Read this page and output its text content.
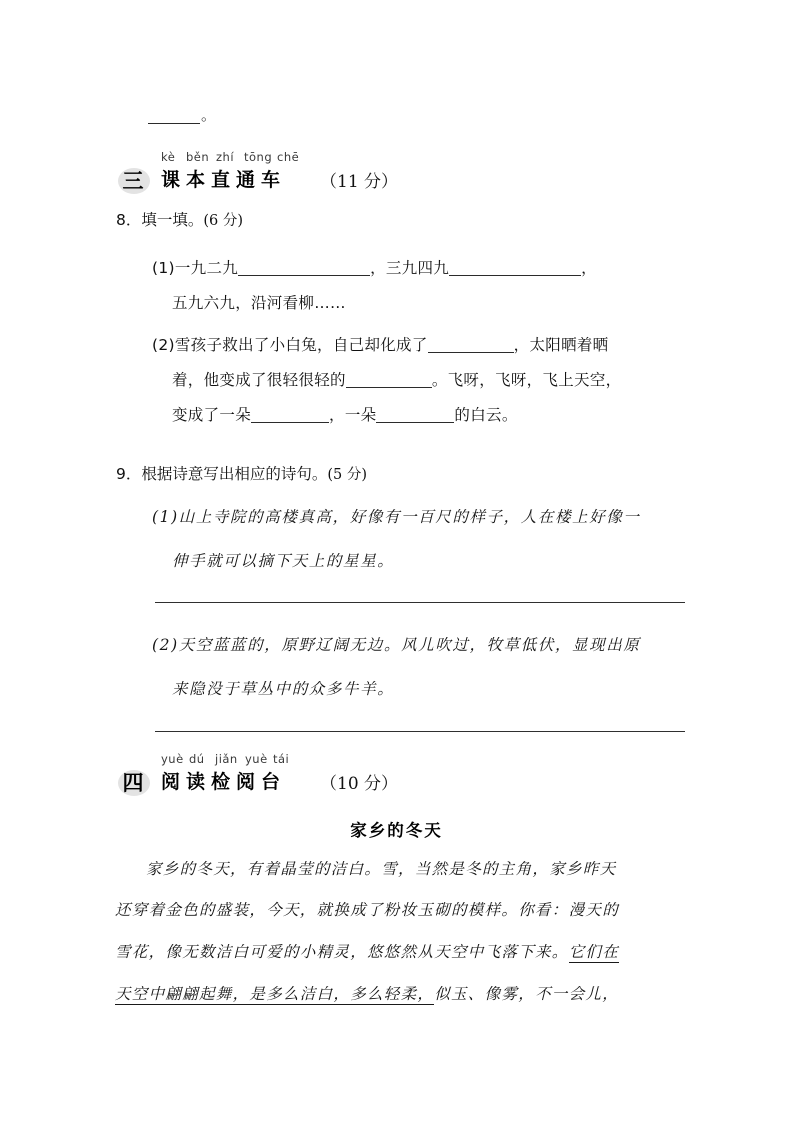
。
三
kè běn zhí tōng chē
课本直通车 （11 分）
8．填一填。(6 分)
(1)一九二九	，三九四九	，
五九六九，沿河看柳……
(2)雪孩子救出了小白兔，自己却化成了	，太阳晒着晒
着，他变成了很轻很轻的	。飞呀，飞呀，飞上天空，
变成了一朵	，一朵	的白云。
9．根据诗意写出相应的诗句。(5 分)
(1)山上寺院的高楼真高，好像有一百尺的样子，人在楼上好像一
伸手就可以摘下天上的星星。
(2)天空蓝蓝的，原野辽阔无边。风儿吹过，牧草低伏，显现出原
来隐没于草丛中的众多牛羊。
四
yuè dú jiǎn yuè tái
阅读检阅台 （10 分）
家乡的冬天
家乡的冬天，有着晶莹的洁白。雪，当然是冬的主角，家乡昨天
还穿着金色的盛装，今天，就换成了粉妆玉砌的模样。你看：漫天的
雪花，像无数洁白可爱的小精灵，悠悠然从天空中飞落下来。它们在
天空中翩翩起舞，是多么洁白，多么轻柔，似玉、像雾，不一会儿，
